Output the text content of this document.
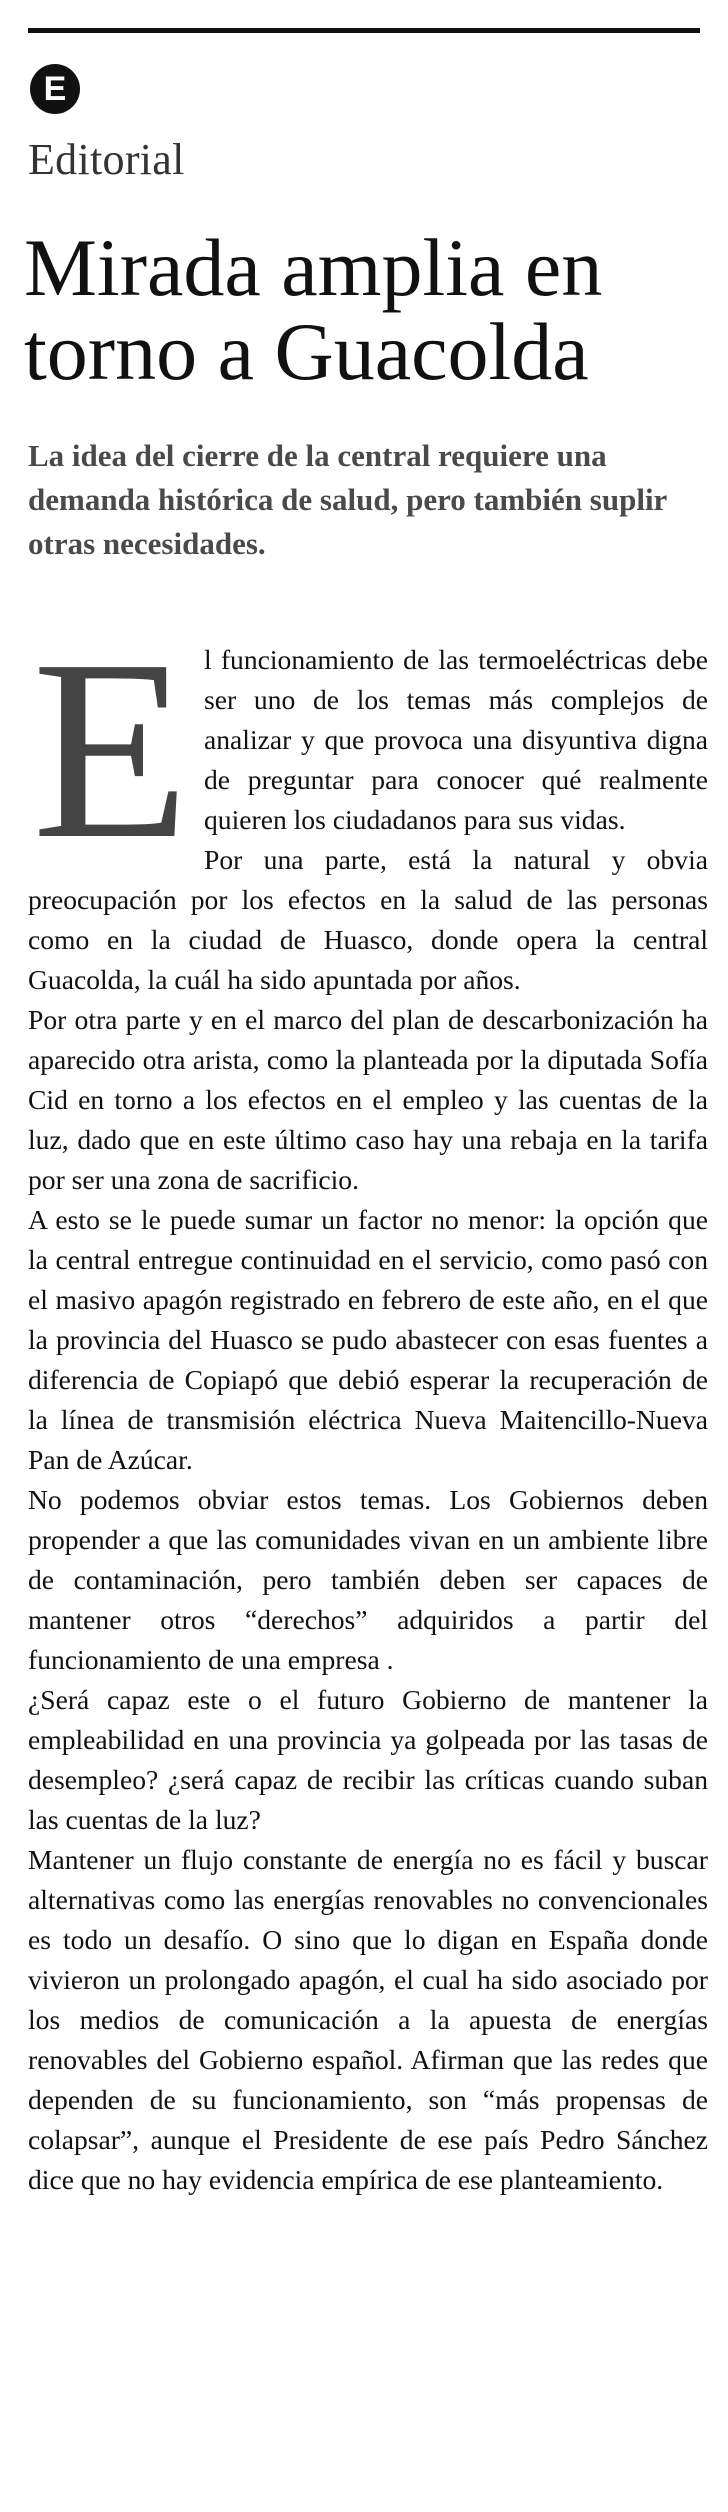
E
Editorial
Mirada amplia en torno a Guacolda

La idea del cierre de la central requiere una demanda histórica de salud, pero también suplir otras necesidades.

El funcionamiento de las termoeléctricas debe ser uno de los temas más complejos de analizar y que provoca una disyuntiva digna de preguntar para conocer qué realmente quieren los ciudadanos para sus vidas.

Por una parte, está la natural y obvia preocupación por los efectos en la salud de las personas como en la ciudad de Huasco, donde opera la central Guacolda, la cuál ha sido apuntada por años.

Por otra parte y en el marco del plan de descarbonización ha aparecido otra arista, como la planteada por la diputada Sofía Cid en torno a los efectos en el empleo y las cuentas de la luz, dado que en este último caso hay una rebaja en la tarifa por ser una zona de sacrificio.

A esto se le puede sumar un factor no menor: la opción que la central entregue continuidad en el servicio, como pasó con el masivo apagón registrado en febrero de este año, en el que la provincia del Huasco se pudo abastecer con esas fuentes a diferencia de Copiapó que debió esperar la recuperación de la línea de transmisión eléctrica Nueva Maitencillo-Nueva Pan de Azúcar.

No podemos obviar estos temas. Los Gobiernos deben propender a que las comunidades vivan en un ambiente libre de contaminación, pero también deben ser capaces de mantener otros “derechos” adquiridos a partir del funcionamiento de una empresa .

¿Será capaz este o el futuro Gobierno de mantener la empleabilidad en una provincia ya golpeada por las tasas de desempleo? ¿será capaz de recibir las críticas cuando suban las cuentas de la luz?

Mantener un flujo constante de energía no es fácil y buscar alternativas como las energías renovables no convencionales es todo un desafío. O sino que lo digan en España donde vivieron un prolongado apagón, el cual ha sido asociado por los medios de comunicación a la apuesta de energías renovables del Gobierno español. Afirman que las redes que dependen de su funcionamiento, son “más propensas de colapsar”, aunque el Presidente de ese país Pedro Sánchez dice que no hay evidencia empírica de ese planteamiento.
